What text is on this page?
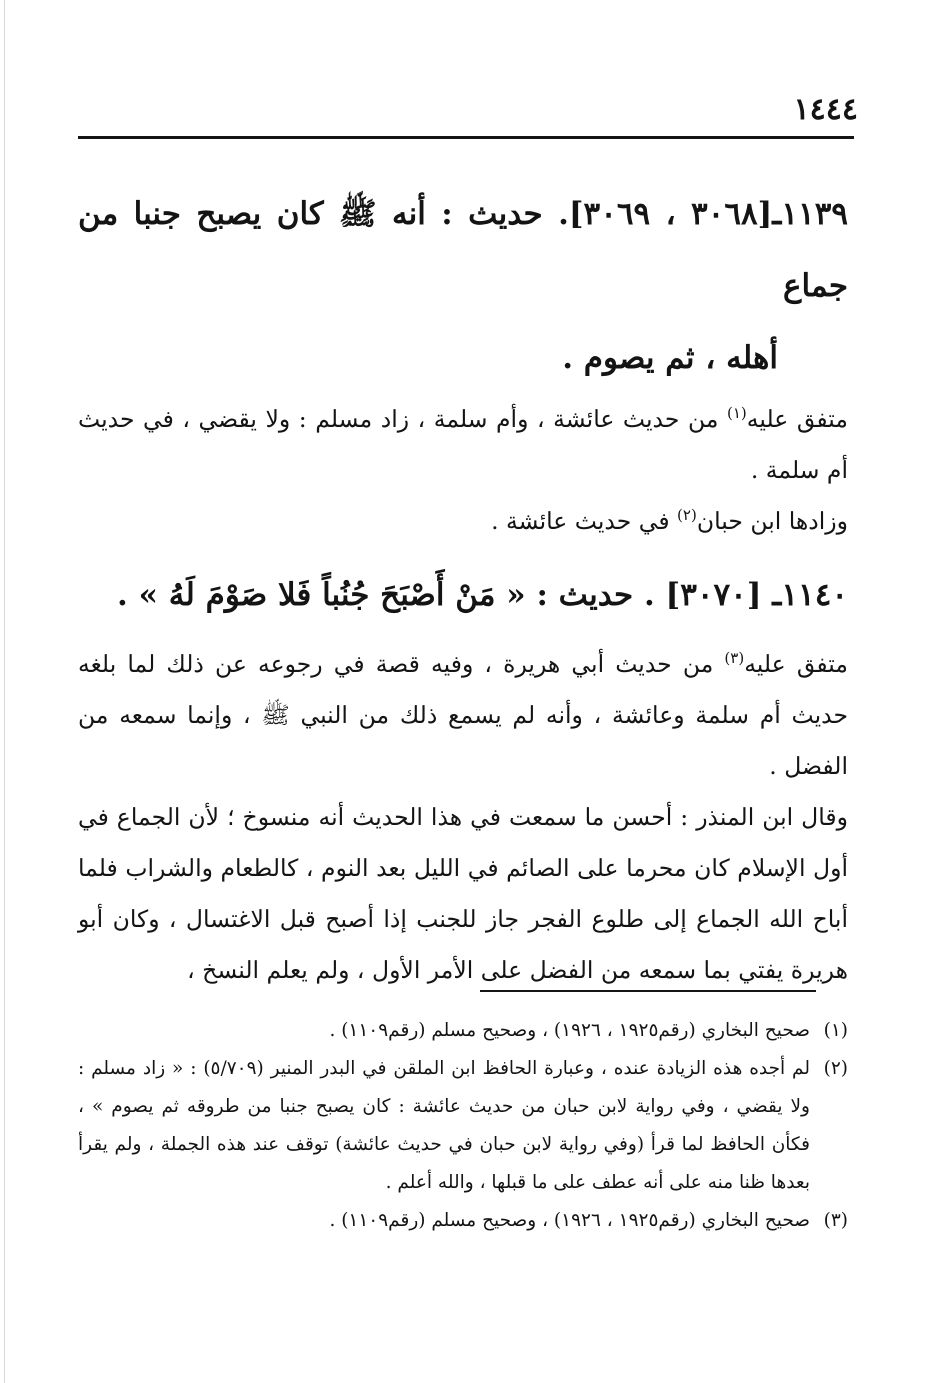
١٤٤٤

١١٣٩ـ[٣٠٦٨ ، ٣٠٦٩]. حديث : أنه ﷺ كان يصبح جنبا من جماع
أهله ، ثم يصوم .

متفق عليه$^{(١)}$ من حديث عائشة ، وأم سلمة ، زاد مسلم : ولا يقضي ، في حديث أم سلمة .

وزادها ابن حبان$^{(٢)}$ في حديث عائشة .

١١٤٠ـ [٣٠٧٠] . حديث : « مَنْ أَصْبَحَ جُنُباً فَلا صَوْمَ لَهُ » .

متفق عليه$^{(٣)}$ من حديث أبي هريرة ، وفيه قصة في رجوعه عن ذلك لما بلغه حديث أم سلمة وعائشة ، وأنه لم يسمع ذلك من النبي ﷺ ، وإنما سمعه من الفضل .

وقال ابن المنذر : أحسن ما سمعت في هذا الحديث أنه منسوخ ؛ لأن الجماع في أول الإسلام كان محرما على الصائم في الليل بعد النوم ، كالطعام والشراب فلما أباح الله الجماع إلى طلوع الفجر جاز للجنب إذا أصبح قبل الاغتسال ، وكان أبو هريرة يفتي بما سمعه من الفضل على الأمر الأول ، ولم يعلم النسخ ،

(١)
صحيح البخاري (رقم١٩٢٥ ، ١٩٢٦) ، وصحيح مسلم (رقم١١٠٩) .

(٢)
لم أجده هذه الزيادة عنده ، وعبارة الحافظ ابن الملقن في البدر المنير (٥/٧٠٩) : « زاد مسلم : ولا يقضي ، وفي رواية لابن حبان من حديث عائشة : كان يصبح جنبا من طروقه ثم يصوم » ، فكأن الحافظ لما قرأ (وفي رواية لابن حبان في حديث عائشة) توقف عند هذه الجملة ، ولم يقرأ بعدها ظنا منه على أنه عطف على ما قبلها ، والله أعلم .

(٣)
صحيح البخاري (رقم١٩٢٥ ، ١٩٢٦) ، وصحيح مسلم (رقم١١٠٩) .
